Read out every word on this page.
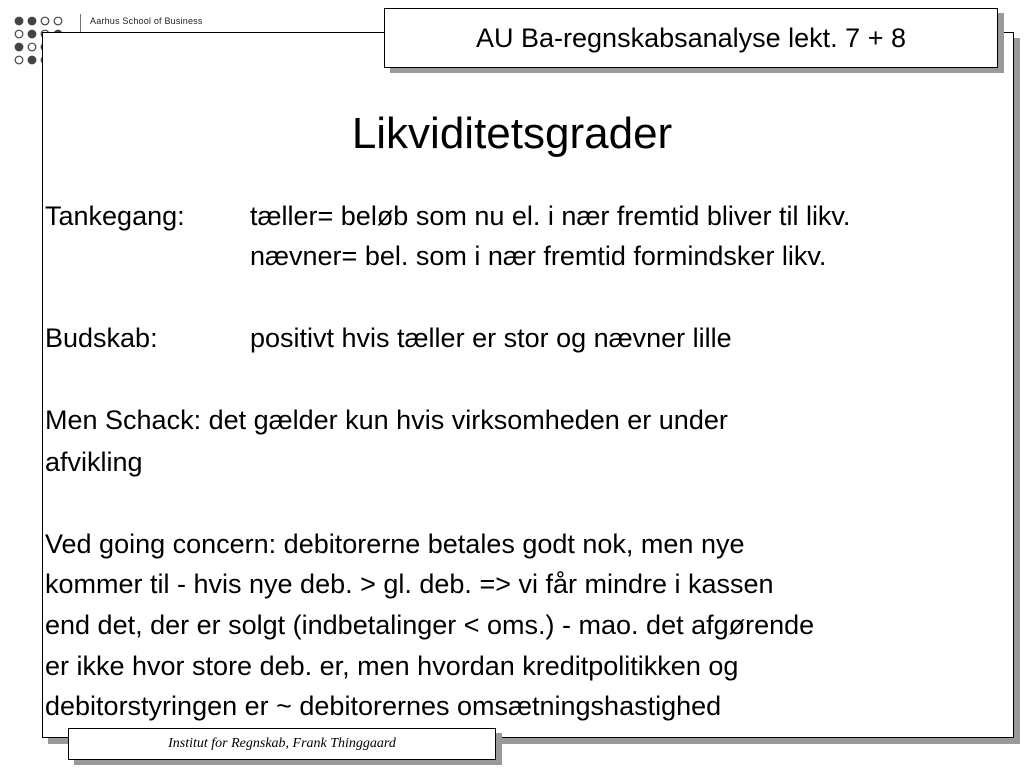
Aarhus School of Business
AU Ba-regnskabsanalyse lekt. 7 + 8
Likviditetsgrader
Tankegang: tæller= beløb som nu el. i nær fremtid bliver til likv.
nævner= bel. som i nær fremtid formindsker likv.
Budskab:	positivt hvis tæller er stor og nævner lille
Men Schack: det gælder kun hvis virksomheden er under
afvikling
Ved going concern: debitorerne betales godt nok, men nye
kommer til - hvis nye deb. > gl. deb. => vi får mindre i kassen
end det, der er solgt (indbetalinger < oms.) - mao. det afgørende
er ikke hvor store deb. er, men hvordan kreditpolitikken og
debitorstyringen er ~ debitorernes omsætningshastighed
Institut for Regnskab, Frank Thinggaard
